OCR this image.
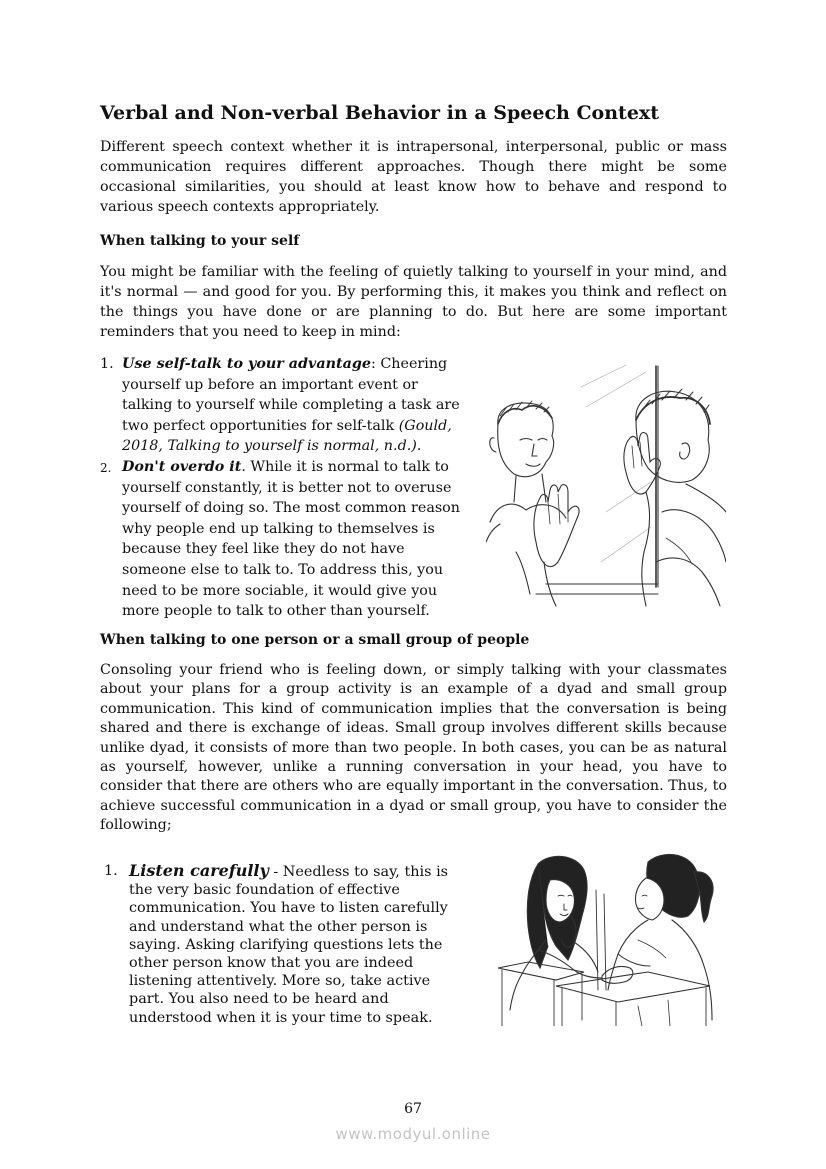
Verbal and Non-verbal Behavior in a Speech Context

Different speech context whether it is intrapersonal, interpersonal, public or mass communication requires different approaches. Though there might be some occasional similarities, you should at least know how to behave and respond to various speech contexts appropriately.

When talking to your self

You might be familiar with the feeling of quietly talking to yourself in your mind, and it's normal — and good for you. By performing this, it makes you think and reflect on the things you have done or are planning to do. But here are some important reminders that you need to keep in mind:

1. Use self-talk to your advantage: Cheering yourself up before an important event or talking to yourself while completing a task are two perfect opportunities for self-talk (Gould, 2018, Talking to yourself is normal, n.d.).
2. Don't overdo it. While it is normal to talk to yourself constantly, it is better not to overuse yourself of doing so. The most common reason why people end up talking to themselves is because they feel like they do not have someone else to talk to. To address this, you need to be more sociable, it would give you more people to talk to other than yourself.

When talking to one person or a small group of people

Consoling your friend who is feeling down, or simply talking with your classmates about your plans for a group activity is an example of a dyad and small group communication. This kind of communication implies that the conversation is being shared and there is exchange of ideas. Small group involves different skills because unlike dyad, it consists of more than two people. In both cases, you can be as natural as yourself, however, unlike a running conversation in your head, you have to consider that there are others who are equally important in the conversation. Thus, to achieve successful communication in a dyad or small group, you have to consider the following;

1. Listen carefully - Needless to say, this is the very basic foundation of effective communication. You have to listen carefully and understand what the other person is saying. Asking clarifying questions lets the other person know that you are indeed listening attentively. More so, take active part. You also need to be heard and understood when it is your time to speak.
67
www.modyul.online
